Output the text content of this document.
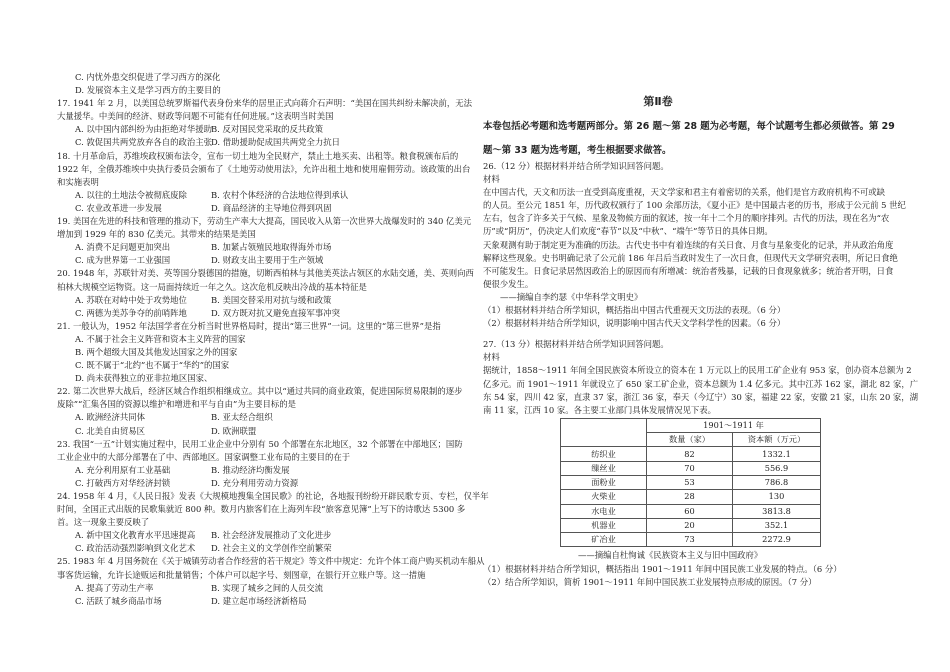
C. 内忧外患交织促进了学习西方的深化
D. 发展资本主义是学习西方的主要目的
17. 1941 年 2 月，以美国总统罗斯福代表身份来华的居里正式向蒋介石声明：“美国在国共纠纷未解决前，无法
大量援华。中美间的经济、财政等问题不可能有任何进展。”这表明当时美国
A. 以中国内部纠纷为由拒绝对华援助 B. 反对国民党采取的反共政策
C. 敦促国共两党放弃各自的政治主张
D. 借助援助促成国共两党全力抗日
18. 十月革命后，苏维埃政权颁布法令，宣布一切土地为全民财产，禁止土地买卖、出租等。粮食税颁布后的
1922 年，全俄苏维埃中央执行委员会颁布了《土地劳动使用法》，允许出租土地和使用雇佣劳动。该政策的出台
和实施表明
A. 以往的土地法令被彻底废除	B. 农村个体经济的合法地位得到承认
C. 农业改革进一步发展	D. 商品经济的主导地位得到巩固
19. 美国在先进的科技和管理的推动下，劳动生产率大大提高，国民收入从第一次世界大战爆发时的 340 亿美元
增加到 1929 年的 830 亿美元。其带来的结果是美国
A. 消费不足问题更加突出	B. 加紧占领殖民地取得海外市场
C. 成为世界第一工业强国	D. 财政支出主要用于生产领域
20. 1948 年，苏联针对美、英等国分裂德国的措施，切断西柏林与其他美英法占领区的水陆交通，美、英则向西
柏林大规模空运物资。这一局面持续近一年之久。这次危机反映出冷战的基本特征是
A. 苏联在对峙中处于攻势地位	B. 美国交替采用对抗与缓和政策
C. 两德为美苏争夺的前哨阵地	D. 双方既对抗又避免直接军事冲突
21. 一般认为，1952 年法国学者在分析当时世界格局时，提出“第三世界”一词。这里的“第三世界”是指
A. 不属于社会主义阵营和资本主义阵营的国家
B. 两个超级大国及其他发达国家之外的国家
C. 既不属于“北约”也不属于“华约”的国家
D. 尚未获得独立的亚非拉地区国家、
22. 第二次世界大战后，经济区域合作组织相继成立。其中以“通过共同的商业政策，促进国际贸易限制的逐步
废除”“汇集各国的资源以维护和增进和平与自由”为主要目标的是
A. 欧洲经济共同体	B. 亚太经合组织
C. 北美自由贸易区	D. 欧洲联盟
23. 我国“一五”计划实施过程中，民用工业企业中分别有 50 个部署在东北地区，32 个部署在中部地区；国防
工业企业中的大部分部署在了中、西部地区。国家调整工业布局的主要目的在于
A. 充分利用原有工业基础	B. 推动经济均衡发展
C. 打破西方对华经济封锁	D. 充分利用劳动力资源
24. 1958 年 4 月，《人民日报》发表《大规模地搜集全国民歌》的社论，各地报刊纷纷开辟民歌专页、专栏，仅半年
时间，全国正式出版的民歌集就近 800 种。数月内旅客们在上海列车段“旅客意见簿”上写下的诗歌达 5300 多
首。这一现象主要反映了
A. 新中国文化教育水平迅速提高 B. 社会经济发展推动了文化进步
C. 政治活动强烈影响到文化艺术 D. 社会主义的文学创作空前繁荣
25. 1983 年 4 月国务院在《关于城镇劳动者合作经营的若干规定》等文件中规定：允许个体工商户购买机动车船从
事客货运输，允许长途贩运和批量销售；个体户可以起字号、刻图章，在银行开立账户等。这一措施
A. 提高了劳动生产率	B. 实现了城乡之间的人员交流
C. 活跃了城乡商品市场	D. 建立起市场经济新格局
第Ⅱ卷
本卷包括必考题和选考题两部分。第 26 题～第 28 题为必考题，每个试题考生都必须做答。第 29
题～第 33 题为选考题，考生根据要求做答。
26.（12 分）根据材料并结合所学知识回答问题。
材料
在中国古代，天文和历法一直受到高度重视，天文学家和君主有着密切的关系，他们是官方政府机构不可或缺
的人员。至公元 1851 年，历代政权颁行了 100 余部历法，《夏小正》是中国最古老的历书，形成于公元前 5 世纪
左右，包含了许多关于气候、星象及物候方面的叙述，按一年十二个月的顺序排列。古代的历法，现在名为“农
历”或“阴历”，仍决定人们欢度“春节”以及“中秋”、“端午”等节日的具体日期。
天象观测有助于制定更为准确的历法。古代史书中有着连续的有关日食、月食与星象变化的记录，并从政治角度
解释这些现象。史书明确记录了公元前 186 年吕后当政时发生了一次日食，但现代天文学研究表明，所记日食绝
不可能发生。日食记录居然因政治上的原因而有所增减：统治者残暴，记载的日食现象就多；统治者开明，日食
便很少发生。
——摘编自李约瑟《中华科学文明史》
（1）根据材料并结合所学知识，概括指出中国古代重视天文历法的表现。（6 分）
（2）根据材料并结合所学知识，说明影响中国古代天文学科学性的因素。（6 分）
27.（13 分）根据材料并结合所学知识回答问题。
材料
据统计，1858～1911 年间全国民族资本所设立的资本在 1 万元以上的民用工矿企业有 953 家，创办资本总额为 2
亿多元。而 1901～1911 年就设立了 650 家工矿企业，资本总额为 1.4 亿多元。其中江苏 162 家，湖北 82 家，广
东 54 家，四川 42 家，直隶 37 家，浙江 36 家，奉天（今辽宁）30 家，福建 22 家，安徽 21 家，山东 20 家，湖
南 11 家，江西 10 家。各主要工业部门具体发展情况见下表。
	1901～1911 年	
	数量（家）	资本额（万元）
纺织业	82	1332.1
缫丝业	70	556.9
面粉业	53	786.8
火柴业	28	130
水电业	60	3813.8
机器业	20	352.1
矿冶业	73	2272.9
——摘编自杜恂诚《民族资本主义与旧中国政府》
（1）根据材料并结合所学知识，概括指出 1901～1911 年间中国民族工业发展的特点。（6 分）
（2）结合所学知识，简析 1901～1911 年间中国民族工业发展特点形成的原因。（7 分）
